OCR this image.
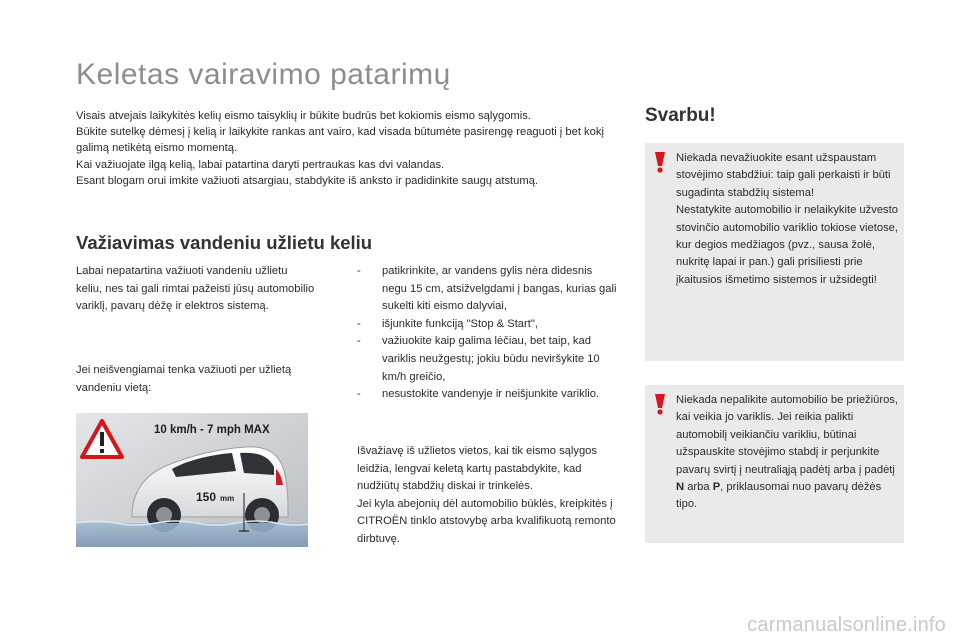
Keletas vairavimo patarimų

Visais atvejais laikykitės kelių eismo taisyklių ir būkite budrūs bet kokiomis eismo sąlygomis.

Būkite sutelkę dėmesį į kelią ir laikykite rankas ant vairo, kad visada būtumėte pasirengę reaguoti į bet kokį galimą netikėtą eismo momentą.

Kai važiuojate ilgą kelią, labai patartina daryti pertraukas kas dvi valandas.

Esant blogam orui imkite važiuoti atsargiau, stabdykite iš anksto ir padidinkite saugų atstumą.

Važiavimas vandeniu užlietu keliu

Labai nepatartina važiuoti vandeniu užlietu keliu, nes tai gali rimtai pažeisti jūsų automobilio variklį, pavarų dėžę ir elektros sistemą.

Jei neišvengiamai tenka važiuoti per užlietą vandeniu vietą:

10 km/h - 7 mph MAX
150 mm
- patikrinkite, ar vandens gylis nėra didesnis negu 15 cm, atsižvelgdami į bangas, kurias gali sukelti kiti eismo dalyviai,
- išjunkite funkciją "Stop & Start",
- važiuokite kaip galima lėčiau, bet taip, kad variklis neužgestų; jokiu būdu neviršykite 10 km/h greičio,
- nesustokite vandenyje ir neišjunkite variklio.

Išvažiavę iš užlietos vietos, kai tik eismo sąlygos leidžia, lengvai keletą kartų pastabdykite, kad nudžiūtų stabdžių diskai ir trinkelės.

Jei kyla abejonių dėl automobilio būklės, kreipkitės į CITROËN tinklo atstovybę arba kvalifikuotą remonto dirbtuvę.

Svarbu!

Niekada nevažiuokite esant užspaustam stovėjimo stabdžiui: taip gali perkaisti ir būti sugadinta stabdžių sistema!

Nestatykite automobilio ir nelaikykite užvesto stovinčio automobilio variklio tokiose vietose, kur degios medžiagos (pvz., sausa žolė, nukritę lapai ir pan.) gali prisiliesti prie įkaitusios išmetimo sistemos ir užsidegti!

Niekada nepalikite automobilio be priežiūros, kai veikia jo variklis. Jei reikia palikti automobilį veikiančiu varikliu, būtinai užspauskite stovėjimo stabdį ir perjunkite pavarų svirtį į neutraliąją padėtį arba į padėtį N arba P, priklausomai nuo pavarų dėžės tipo.

carmanualsonline.info
